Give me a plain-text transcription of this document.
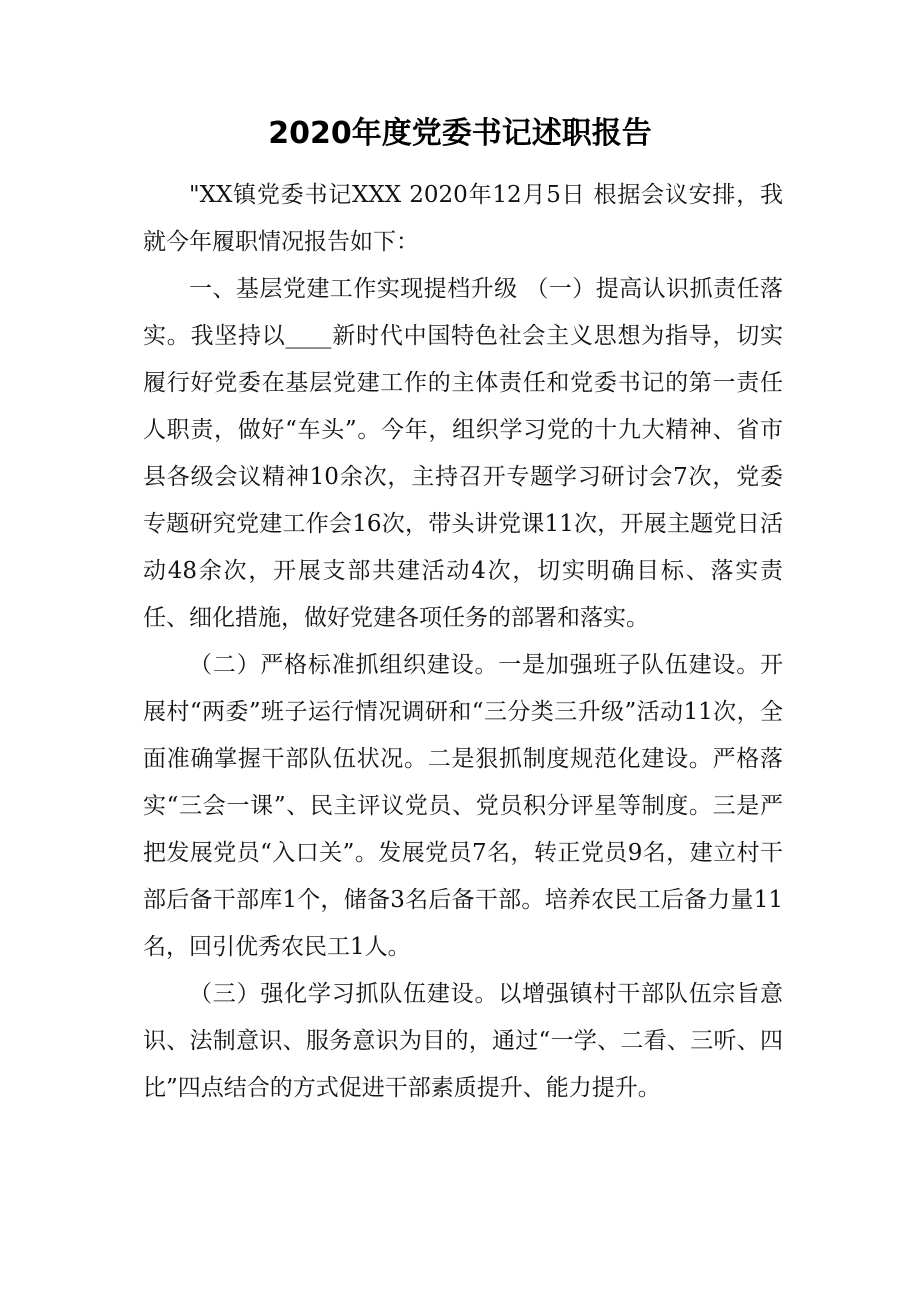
2020年度党委书记述职报告

"XX镇党委书记XXX 2020年12月5日 根据会议安排，我就今年履职情况报告如下：

一、基层党建工作实现提档升级 （一）提高认识抓责任落实。我坚持以____新时代中国特色社会主义思想为指导，切实履行好党委在基层党建工作的主体责任和党委书记的第一责任人职责，做好“车头”。今年，组织学习党的十九大精神、省市县各级会议精神10余次，主持召开专题学习研讨会7次，党委专题研究党建工作会16次，带头讲党课11次，开展主题党日活动48余次，开展支部共建活动4次，切实明确目标、落实责任、细化措施，做好党建各项任务的部署和落实。

（二）严格标准抓组织建设。一是加强班子队伍建设。开展村“两委”班子运行情况调研和“三分类三升级”活动11次，全面准确掌握干部队伍状况。二是狠抓制度规范化建设。严格落实“三会一课”、民主评议党员、党员积分评星等制度。三是严把发展党员“入口关”。发展党员7名，转正党员9名，建立村干部后备干部库1个，储备3名后备干部。培养农民工后备力量11名，回引优秀农民工1人。

（三）强化学习抓队伍建设。以增强镇村干部队伍宗旨意识、法制意识、服务意识为目的，通过“一学、二看、三听、四比”四点结合的方式促进干部素质提升、能力提升。
